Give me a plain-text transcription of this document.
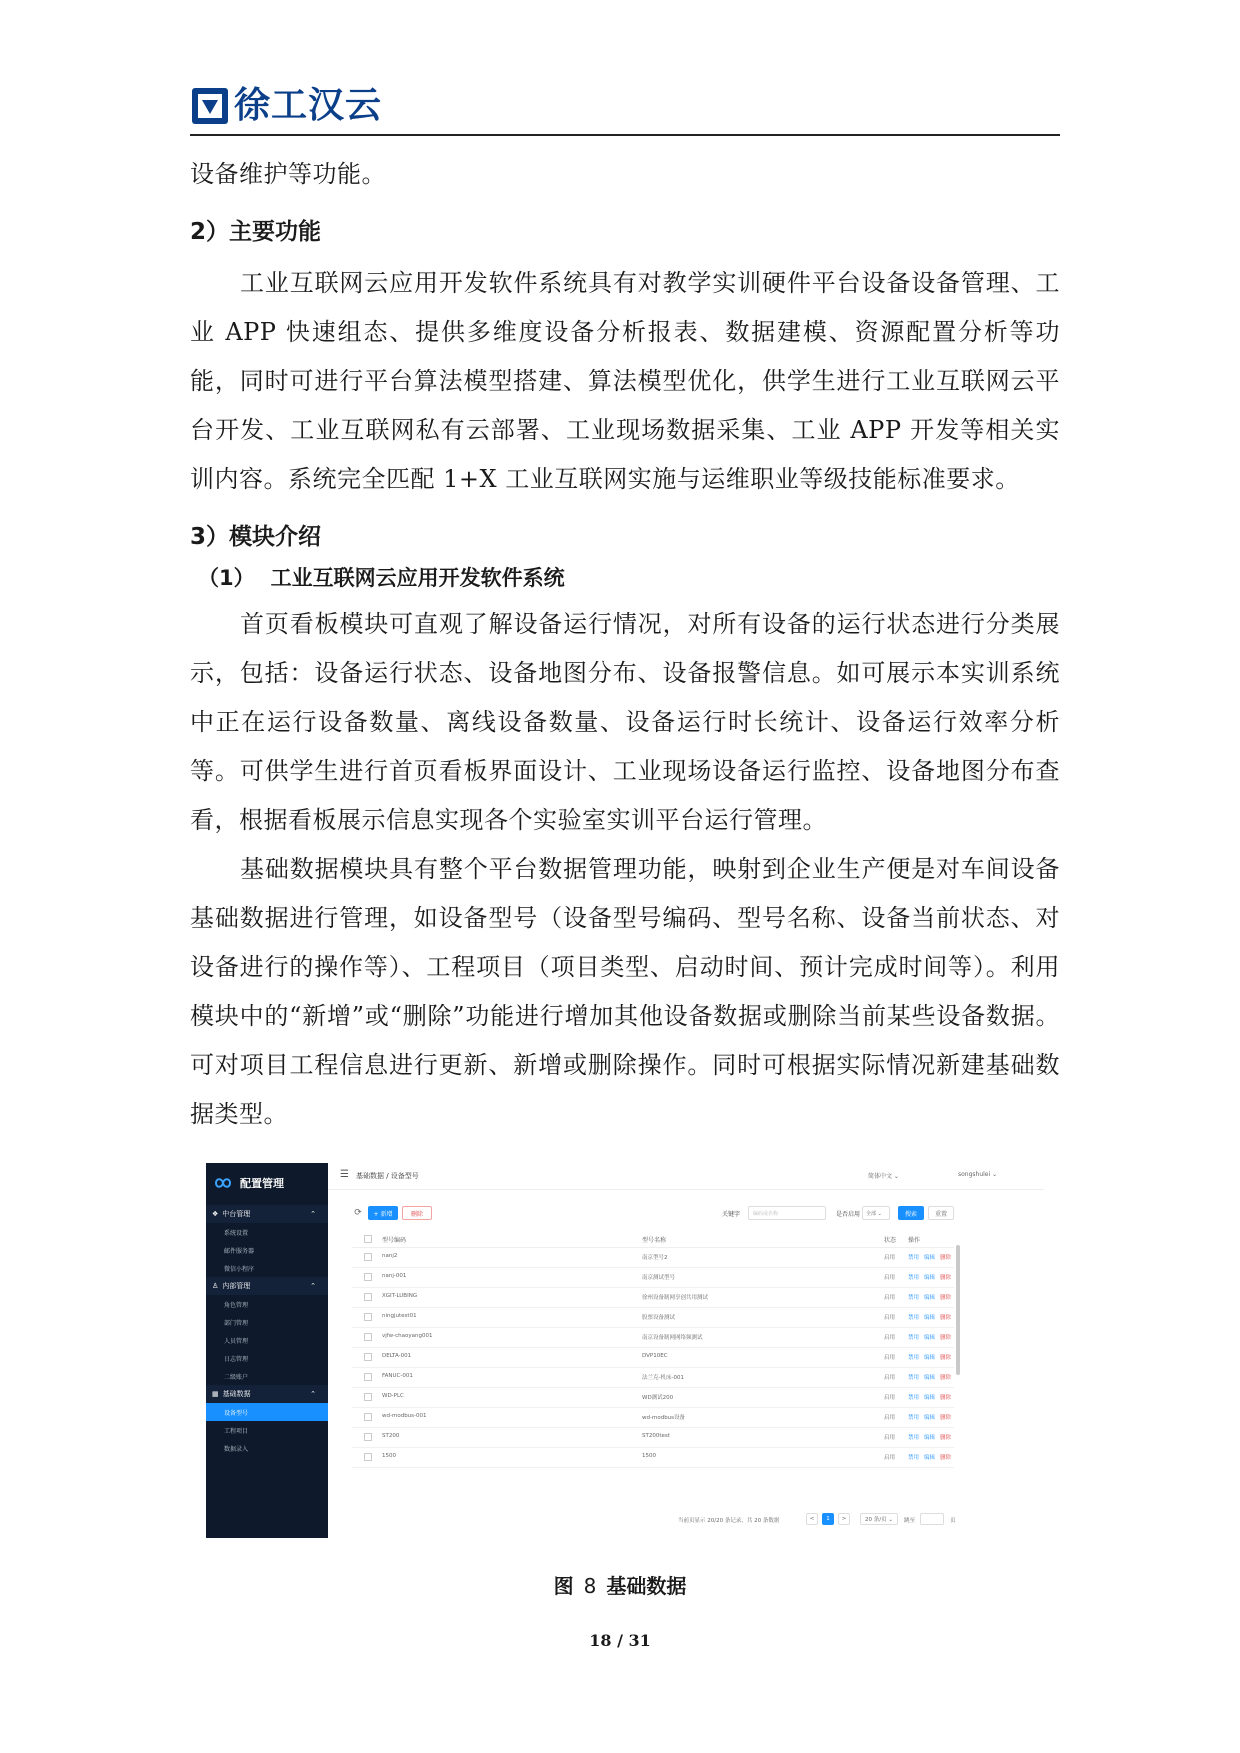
徐工汉云

设备维护等功能。

2）主要功能

工业互联网云应用开发软件系统具有对教学实训硬件平台设备设备管理、工业 APP 快速组态、提供多维度设备分析报表、数据建模、资源配置分析等功能，同时可进行平台算法模型搭建、算法模型优化，供学生进行工业互联网云平台开发、工业互联网私有云部署、工业现场数据采集、工业 APP 开发等相关实训内容。系统完全匹配 1+X 工业互联网实施与运维职业等级技能标准要求。

3）模块介绍
（1） 工业互联网云应用开发软件系统

首页看板模块可直观了解设备运行情况，对所有设备的运行状态进行分类展示，包括：设备运行状态、设备地图分布、设备报警信息。如可展示本实训系统中正在运行设备数量、离线设备数量、设备运行时长统计、设备运行效率分析等。可供学生进行首页看板界面设计、工业现场设备运行监控、设备地图分布查看，根据看板展示信息实现各个实验室实训平台运行管理。

基础数据模块具有整个平台数据管理功能，映射到企业生产便是对车间设备基础数据进行管理，如设备型号（设备型号编码、型号名称、设备当前状态、对设备进行的操作等）、工程项目（项目类型、启动时间、预计完成时间等）。利用模块中的“新增”或“删除”功能进行增加其他设备数据或删除当前某些设备数据。可对项目工程信息进行更新、新增或删除操作。同时可根据实际情况新建基础数据类型。

配置管理
❖ 中台管理	⌃
系统设置
邮件服务器
微信小程序
♙ 内部管理	⌃
角色管理
部门管理
人员管理
日志管理
二级账户
▦ 基础数据	⌃
设备型号
工程项目
数据录入
☰ 基础数据 / 设备型号	简体中文 ⌄	songshulei ⌄
⟳	+ 新增	删除	关键字	编码或名称	是否启用	全部 ⌄	搜索	重置
型号编码	型号名称	状态 操作
nanj2	南京型号2	启用 禁用 编辑 删除
nanj-001	南京测试型号	启用 禁用 编辑 删除
XGIT-LUBING	徐州设备制网享创共用测试	启用 禁用 编辑 删除
ningjutest01	股票设备测试	启用 禁用 编辑 删除
vjfw-chaoyang001	南京设备制网网络频测试	启用 禁用 编辑 删除
DELTA-001	DVP10EC	启用 禁用 编辑 删除
FANUC-001	法兰克-机床-001	启用 禁用 编辑 删除
WD-PLC	WD测试200	启用 禁用 编辑 删除
wd-modbus-001	wd-modbus设备	启用 禁用 编辑 删除
ST200	ST200test	启用 禁用 编辑 删除
1500	1500	启用 禁用 编辑 删除
当前页显示 20/20 条记录，共 20 条数据	<	1	>	20 条/页 ⌄	跳至	页
图 8 基础数据
18 / 31
